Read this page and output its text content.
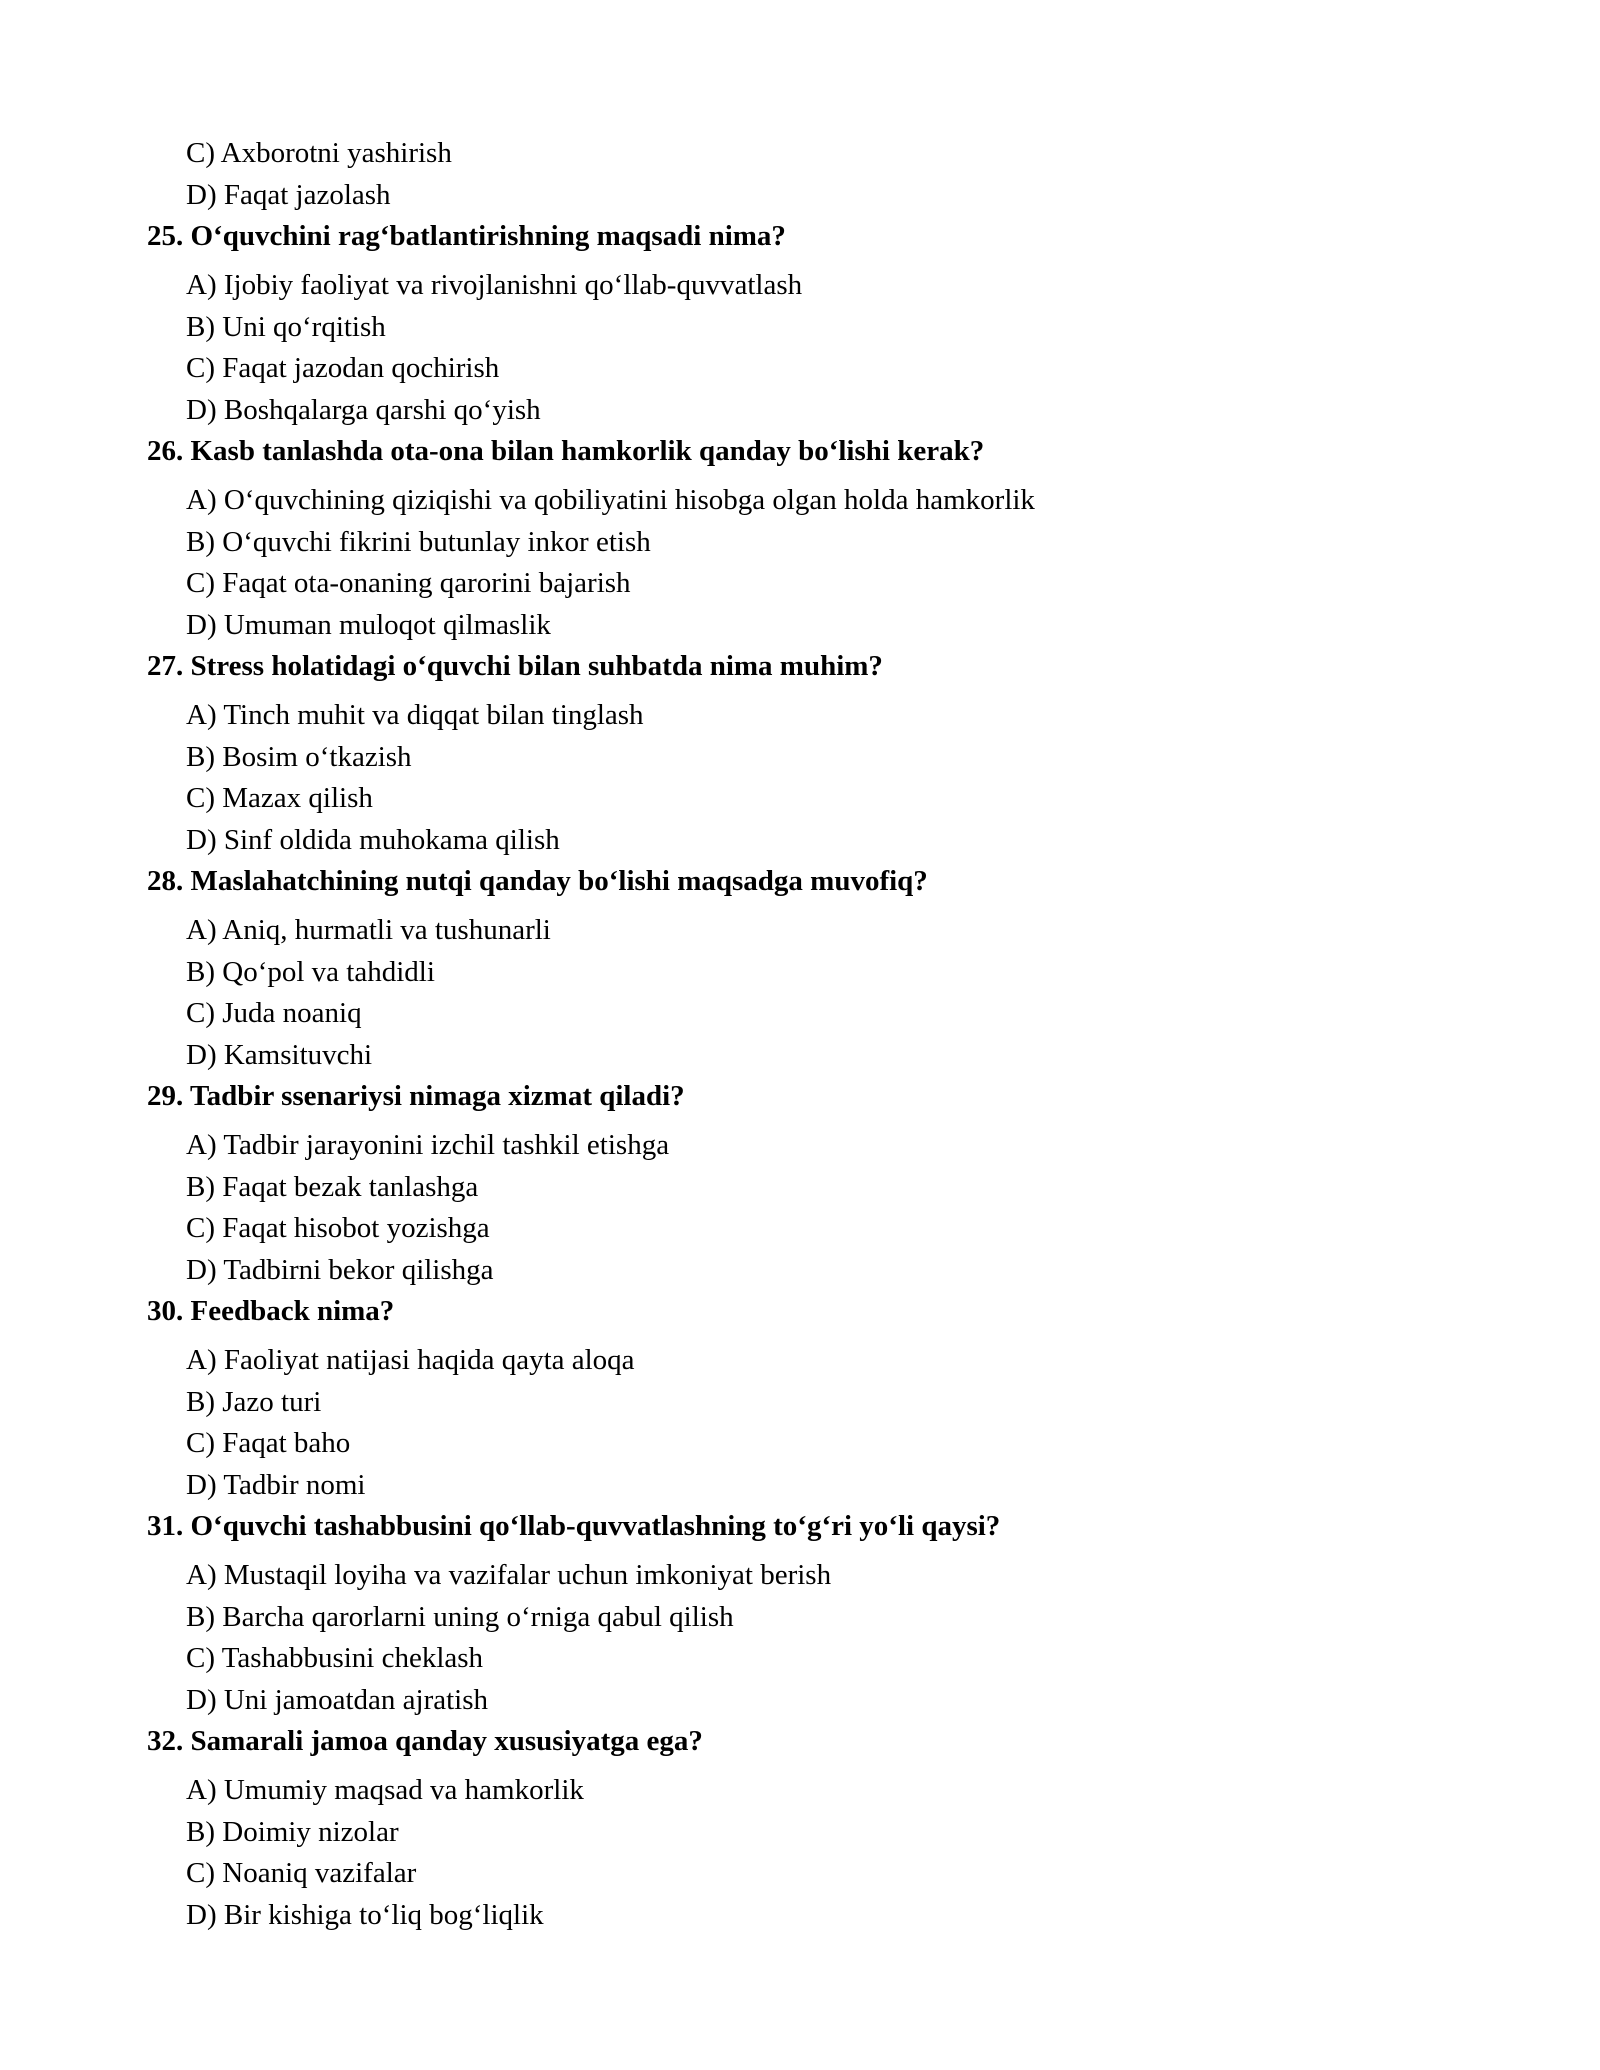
C) Axborotni yashirish
D) Faqat jazolash
25. O‘quvchini rag‘batlantirishning maqsadi nima?
A) Ijobiy faoliyat va rivojlanishni qo‘llab-quvvatlash
B) Uni qo‘rqitish
C) Faqat jazodan qochirish
D) Boshqalarga qarshi qo‘yish
26. Kasb tanlashda ota-ona bilan hamkorlik qanday bo‘lishi kerak?
A) O‘quvchining qiziqishi va qobiliyatini hisobga olgan holda hamkorlik
B) O‘quvchi fikrini butunlay inkor etish
C) Faqat ota-onaning qarorini bajarish
D) Umuman muloqot qilmaslik
27. Stress holatidagi o‘quvchi bilan suhbatda nima muhim?
A) Tinch muhit va diqqat bilan tinglash
B) Bosim o‘tkazish
C) Mazax qilish
D) Sinf oldida muhokama qilish
28. Maslahatchining nutqi qanday bo‘lishi maqsadga muvofiq?
A) Aniq, hurmatli va tushunarli
B) Qo‘pol va tahdidli
C) Juda noaniq
D) Kamsituvchi
29. Tadbir ssenariysi nimaga xizmat qiladi?
A) Tadbir jarayonini izchil tashkil etishga
B) Faqat bezak tanlashga
C) Faqat hisobot yozishga
D) Tadbirni bekor qilishga
30. Feedback nima?
A) Faoliyat natijasi haqida qayta aloqa
B) Jazo turi
C) Faqat baho
D) Tadbir nomi
31. O‘quvchi tashabbusini qo‘llab-quvvatlashning to‘g‘ri yo‘li qaysi?
A) Mustaqil loyiha va vazifalar uchun imkoniyat berish
B) Barcha qarorlarni uning o‘rniga qabul qilish
C) Tashabbusini cheklash
D) Uni jamoatdan ajratish
32. Samarali jamoa qanday xususiyatga ega?
A) Umumiy maqsad va hamkorlik
B) Doimiy nizolar
C) Noaniq vazifalar
D) Bir kishiga to‘liq bog‘liqlik
